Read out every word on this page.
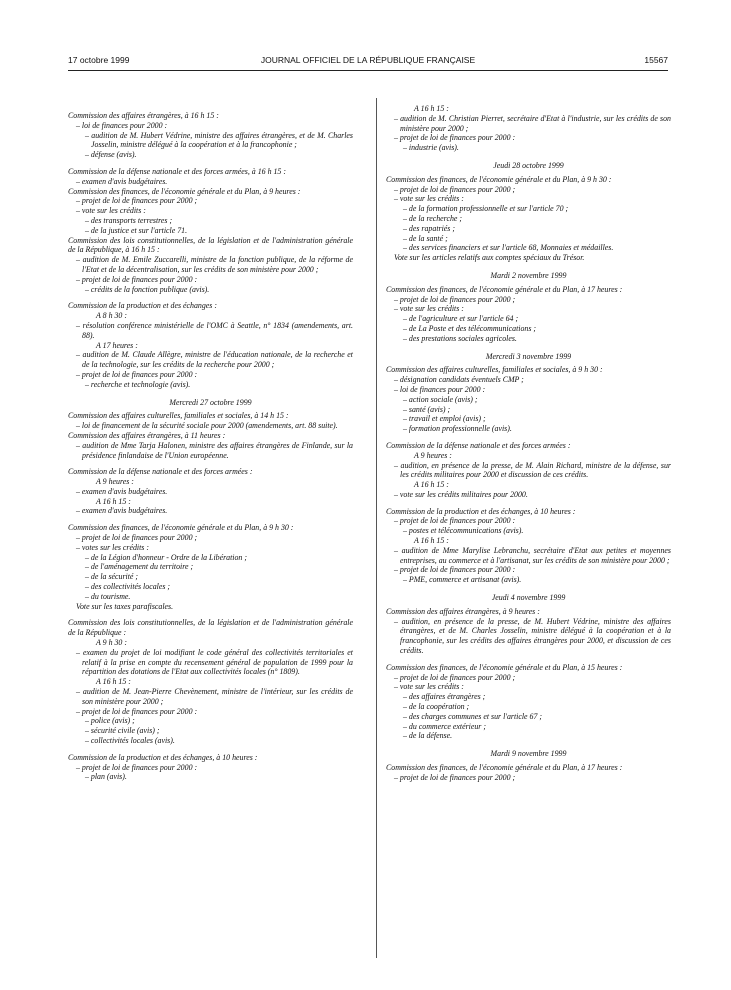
17 octobre 1999	JOURNAL OFFICIEL DE LA RÉPUBLIQUE FRANÇAISE	15567

Commission des affaires étrangères, à 16 h 15 :

– loi de finances pour 2000 :

– audition de M. Hubert Védrine, ministre des affaires étrangères, et de M. Charles Josselin, ministre délégué à la coopération et à la francophonie ;

– défense (avis).

Commission de la défense nationale et des forces armées, à 16 h 15 :

– examen d'avis budgétaires.

Commission des finances, de l'économie générale et du Plan, à 9 heures :

– projet de loi de finances pour 2000 ;

– vote sur les crédits :

– des transports terrestres ;

– de la justice et sur l'article 71.

Commission des lois constitutionnelles, de la législation et de l'administration générale de la République, à 16 h 15 :

– audition de M. Emile Zuccarelli, ministre de la fonction publique, de la réforme de l'Etat et de la décentralisation, sur les crédits de son ministère pour 2000 ;

– projet de loi de finances pour 2000 :

– crédits de la fonction publique (avis).

Commission de la production et des échanges :

A 8 h 30 :

– résolution conférence ministérielle de l'OMC à Seattle, n° 1834 (amendements, art. 88).

A 17 heures :

– audition de M. Claude Allègre, ministre de l'éducation nationale, de la recherche et de la technologie, sur les crédits de la recherche pour 2000 ;

– projet de loi de finances pour 2000 :

– recherche et technologie (avis).

Mercredi 27 octobre 1999

Commission des affaires culturelles, familiales et sociales, à 14 h 15 :

– loi de financement de la sécurité sociale pour 2000 (amendements, art. 88 suite).

Commission des affaires étrangères, à 11 heures :

– audition de Mme Tarja Halonen, ministre des affaires étrangères de Finlande, sur la présidence finlandaise de l'Union européenne.

Commission de la défense nationale et des forces armées :

A 9 heures :

– examen d'avis budgétaires.

A 16 h 15 :

– examen d'avis budgétaires.

Commission des finances, de l'économie générale et du Plan, à 9 h 30 :

– projet de loi de finances pour 2000 ;

– votes sur les crédits :

– de la Légion d'honneur - Ordre de la Libération ;

– de l'aménagement du territoire ;

– de la sécurité ;

– des collectivités locales ;

– du tourisme.

Vote sur les taxes parafiscales.

Commission des lois constitutionnelles, de la législation et de l'administration générale de la République :

A 9 h 30 :

– examen du projet de loi modifiant le code général des collectivités territoriales et relatif à la prise en compte du recensement général de population de 1999 pour la répartition des dotations de l'Etat aux collectivités locales (n° 1809).

A 16 h 15 :

– audition de M. Jean-Pierre Chevènement, ministre de l'intérieur, sur les crédits de son ministère pour 2000 ;

– projet de loi de finances pour 2000 :

– police (avis) ;

– sécurité civile (avis) ;

– collectivités locales (avis).

Commission de la production et des échanges, à 10 heures :

– projet de loi de finances pour 2000 :

– plan (avis).

A 16 h 15 :

– audition de M. Christian Pierret, secrétaire d'Etat à l'industrie, sur les crédits de son ministère pour 2000 ;

– projet de loi de finances pour 2000 :

– industrie (avis).

Jeudi 28 octobre 1999

Commission des finances, de l'économie générale et du Plan, à 9 h 30 :

– projet de loi de finances pour 2000 ;

– vote sur les crédits :

– de la formation professionnelle et sur l'article 70 ;

– de la recherche ;

– des rapatriés ;

– de la santé ;

– des services financiers et sur l'article 68, Monnaies et médailles.

Vote sur les articles relatifs aux comptes spéciaux du Trésor.

Mardi 2 novembre 1999

Commission des finances, de l'économie générale et du Plan, à 17 heures :

– projet de loi de finances pour 2000 ;

– vote sur les crédits :

– de l'agriculture et sur l'article 64 ;

– de La Poste et des télécommunications ;

– des prestations sociales agricoles.

Mercredi 3 novembre 1999

Commission des affaires culturelles, familiales et sociales, à 9 h 30 :

– désignation candidats éventuels CMP ;

– loi de finances pour 2000 :

– action sociale (avis) ;

– santé (avis) ;

– travail et emploi (avis) ;

– formation professionnelle (avis).

Commission de la défense nationale et des forces armées :

A 9 heures :

– audition, en présence de la presse, de M. Alain Richard, ministre de la défense, sur les crédits militaires pour 2000 et discussion de ces crédits.

A 16 h 15 :

– vote sur les crédits militaires pour 2000.

Commission de la production et des échanges, à 10 heures :

– projet de loi de finances pour 2000 :

– postes et télécommunications (avis).

A 16 h 15 :

– audition de Mme Marylise Lebranchu, secrétaire d'Etat aux petites et moyennes entreprises, au commerce et à l'artisanat, sur les crédits de son ministère pour 2000 ;

– projet de loi de finances pour 2000 :

– PME, commerce et artisanat (avis).

Jeudi 4 novembre 1999

Commission des affaires étrangères, à 9 heures :

– audition, en présence de la presse, de M. Hubert Védrine, ministre des affaires étrangères, et de M. Charles Josselin, ministre délégué à la coopération et à la francophonie, sur les crédits des affaires étrangères pour 2000, et discussion de ces crédits.

Commission des finances, de l'économie générale et du Plan, à 15 heures :

– projet de loi de finances pour 2000 ;

– vote sur les crédits :

– des affaires étrangères ;

– de la coopération ;

– des charges communes et sur l'article 67 ;

– du commerce extérieur ;

– de la défense.

Mardi 9 novembre 1999

Commission des finances, de l'économie générale et du Plan, à 17 heures :

– projet de loi de finances pour 2000 ;
